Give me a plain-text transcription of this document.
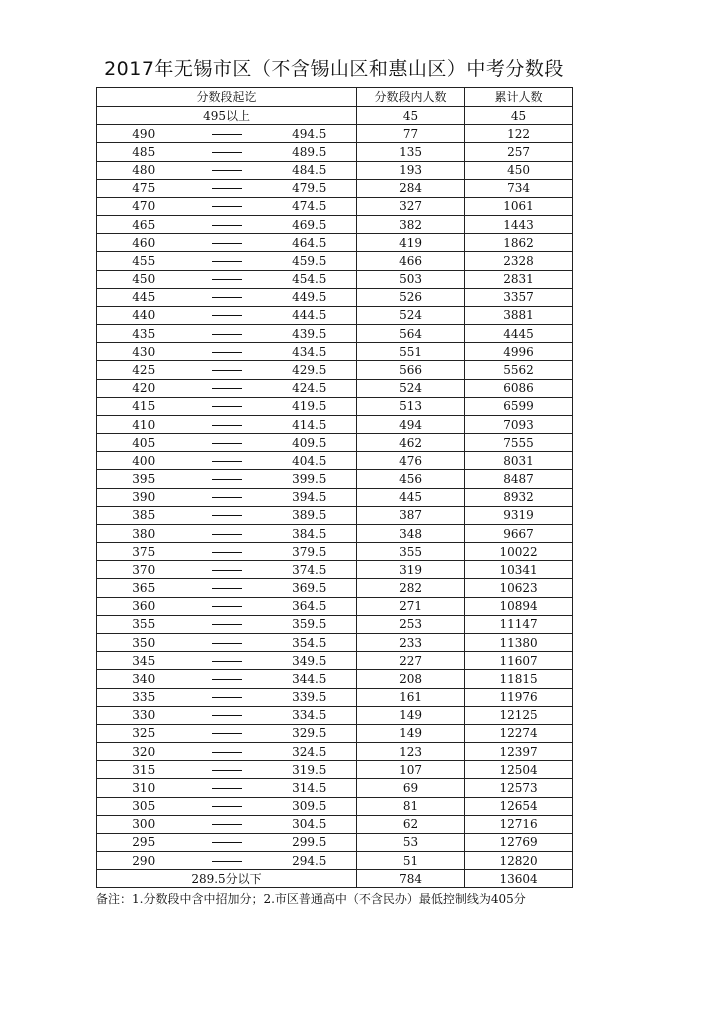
2017年无锡市区（不含锡山区和惠山区）中考分数段
分数段起讫			分数段内人数	累计人数
495以上			45	45
490		494.5	77	122
485		489.5	135	257
480		484.5	193	450
475		479.5	284	734
470		474.5	327	1061
465		469.5	382	1443
460		464.5	419	1862
455		459.5	466	2328
450		454.5	503	2831
445		449.5	526	3357
440		444.5	524	3881
435		439.5	564	4445
430		434.5	551	4996
425		429.5	566	5562
420		424.5	524	6086
415		419.5	513	6599
410		414.5	494	7093
405		409.5	462	7555
400		404.5	476	8031
395		399.5	456	8487
390		394.5	445	8932
385		389.5	387	9319
380		384.5	348	9667
375		379.5	355	10022
370		374.5	319	10341
365		369.5	282	10623
360		364.5	271	10894
355		359.5	253	11147
350		354.5	233	11380
345		349.5	227	11607
340		344.5	208	11815
335		339.5	161	11976
330		334.5	149	12125
325		329.5	149	12274
320		324.5	123	12397
315		319.5	107	12504
310		314.5	69	12573
305		309.5	81	12654
300		304.5	62	12716
295		299.5	53	12769
290		294.5	51	12820
289.5分以下			784	13604
备注：1.分数段中含中招加分；2.市区普通高中（不含民办）最低控制线为405分
